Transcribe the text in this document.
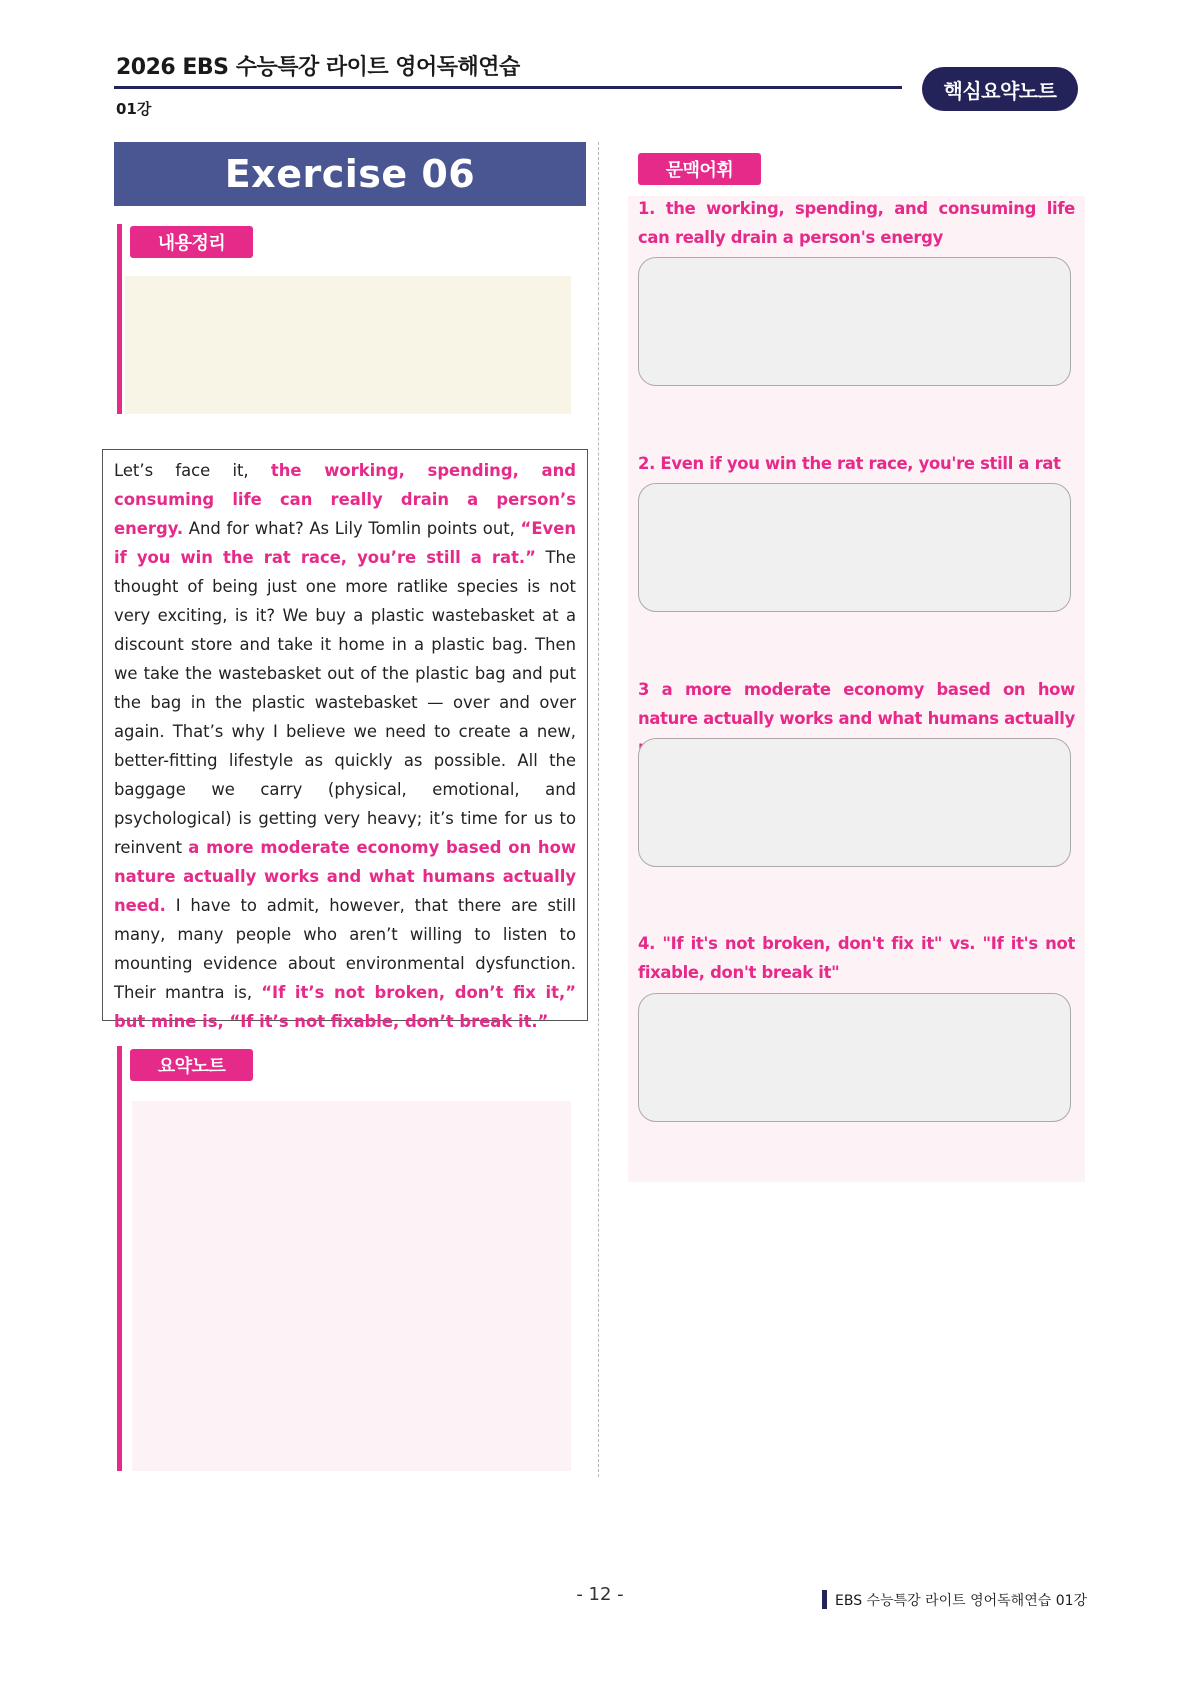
2026 EBS 수능특강 라이트 영어독해연습
01강
핵심요약노트
Exercise 06
내용정리
Let’s face it, the working, spending, and consuming life can really drain a person’s energy. And for what? As Lily Tomlin points out, “Even if you win the rat race, you’re still a rat.” The thought of being just one more ratlike species is not very exciting, is it? We buy a plastic wastebasket at a discount store and take it home in a plastic bag. Then we take the wastebasket out of the plastic bag and put the bag in the plastic wastebasket — over and over again. That’s why I believe we need to create a new, better-fitting lifestyle as quickly as possible. All the baggage we carry (physical, emotional, and psychological) is getting very heavy; it’s time for us to reinvent a more moderate economy based on how nature actually works and what humans actually need. I have to admit, however, that there are still many, many people who aren’t willing to listen to mounting evidence about environmental dysfunction. Their mantra is, “If it’s not broken, don’t fix it,” but mine is, “If it’s not fixable, don’t break it.”
요약노트
문맥어휘
1. the working, spending, and consuming life can really drain a person's energy
2. Even if you win the rat race, you're still a rat
3 a more moderate economy based on how nature actually works and what humans actually
4. "If it's not broken, don't fix it" vs. "If it's not fixable, don't break it"
- 12 -	EBS 수능특강 라이트 영어독해연습 01강
